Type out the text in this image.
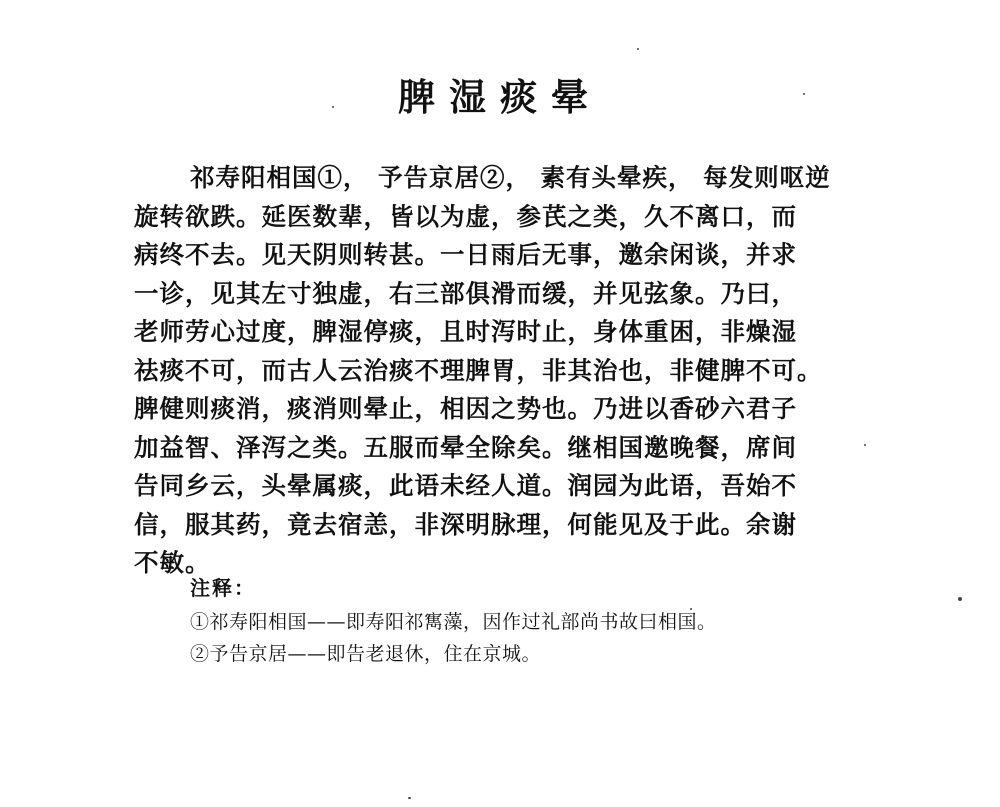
脾湿痰晕
祁寿阳相国①， 予告京居②， 素有头晕疾， 每发则呕逆
旋转欲跌。延医数辈，皆以为虚，参芪之类，久不离口，而
病终不去。见天阴则转甚。一日雨后无事，邀余闲谈，并求
一诊，见其左寸独虚，右三部俱滑而缓，并见弦象。乃曰，
老师劳心过度，脾湿停痰，且时泻时止，身体重困，非燥湿
祛痰不可，而古人云治痰不理脾胃，非其治也，非健脾不可。
脾健则痰消，痰消则晕止，相因之势也。乃进以香砂六君子
加益智、泽泻之类。五服而晕全除矣。继相国邀晚餐，席间
告同乡云，头晕属痰，此语未经人道。润园为此语，吾始不
信，服其药，竟去宿恙，非深明脉理，何能见及于此。余谢
不敏。
注释：
①祁寿阳相国——即寿阳祁寯藻，因作过礼部尚书故曰相国。
②予告京居——即告老退休，住在京城。
